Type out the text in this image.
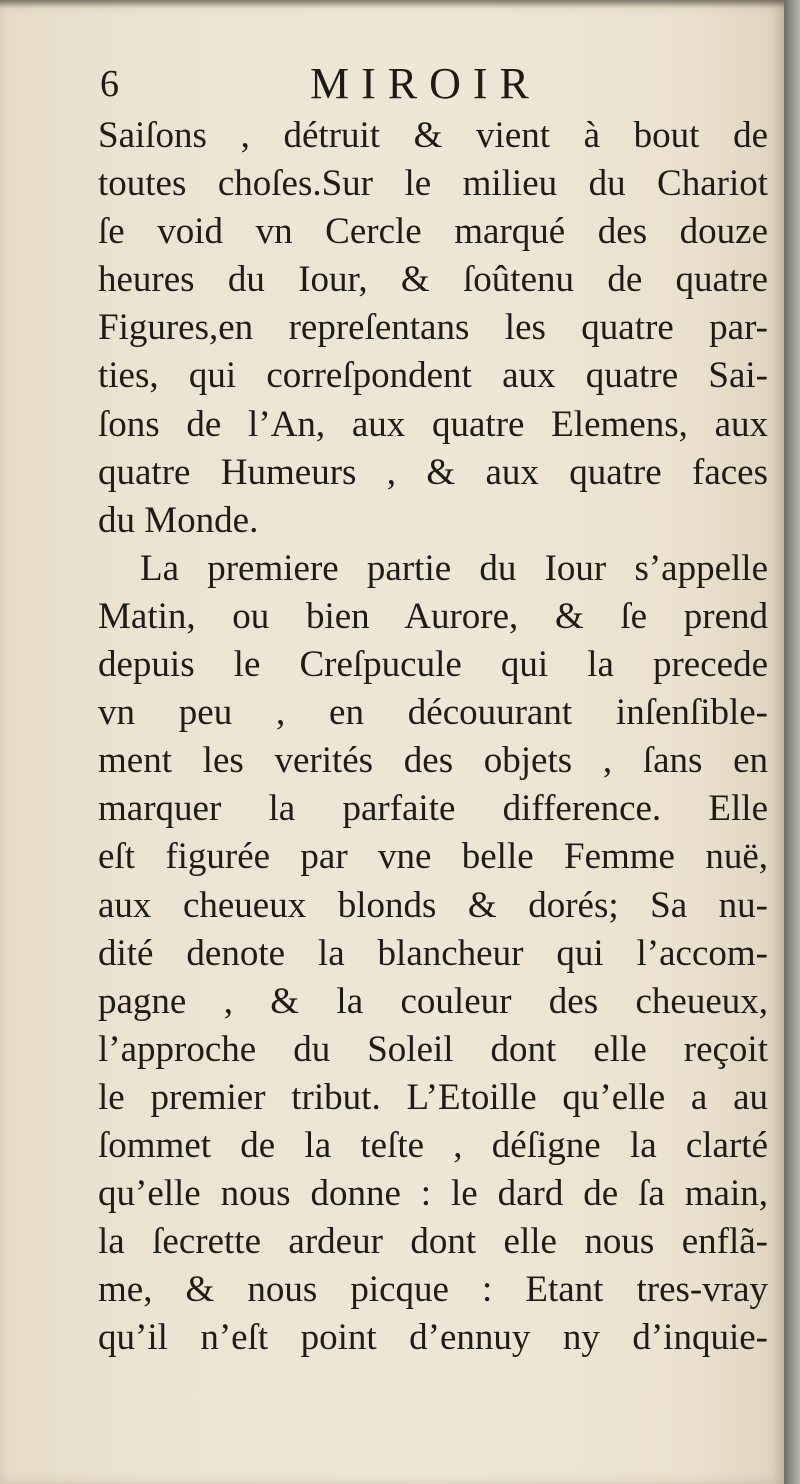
6	MIROIR
Saiſons , détruit & vient à bout de
toutes choſes.Sur le milieu du Chariot
ſe void vn Cercle marqué des douze
heures du Iour, & ſoûtenu de quatre
Figures,en repreſentans les quatre par-
ties, qui correſpondent aux quatre Sai-
ſons de l’An, aux quatre Elemens, aux
quatre Humeurs , & aux quatre faces
du Monde.
La premiere partie du Iour s’appelle
Matin, ou bien Aurore, & ſe prend
depuis le Creſpucule qui la precede
vn peu , en découurant inſenſible-
ment les verités des objets , ſans en
marquer la parfaite difference. Elle
eſt figurée par vne belle Femme nuë,
aux cheueux blonds & dorés; Sa nu-
dité denote la blancheur qui l’accom-
pagne , & la couleur des cheueux,
l’approche du Soleil dont elle reçoit
le premier tribut. L’Etoille qu’elle a au
ſommet de la teſte , déſigne la clarté
qu’elle nous donne : le dard de ſa main,
la ſecrette ardeur dont elle nous enflã-
me, & nous picque : Etant tres-vray
qu’il n’eſt point d’ennuy ny d’inquie-
